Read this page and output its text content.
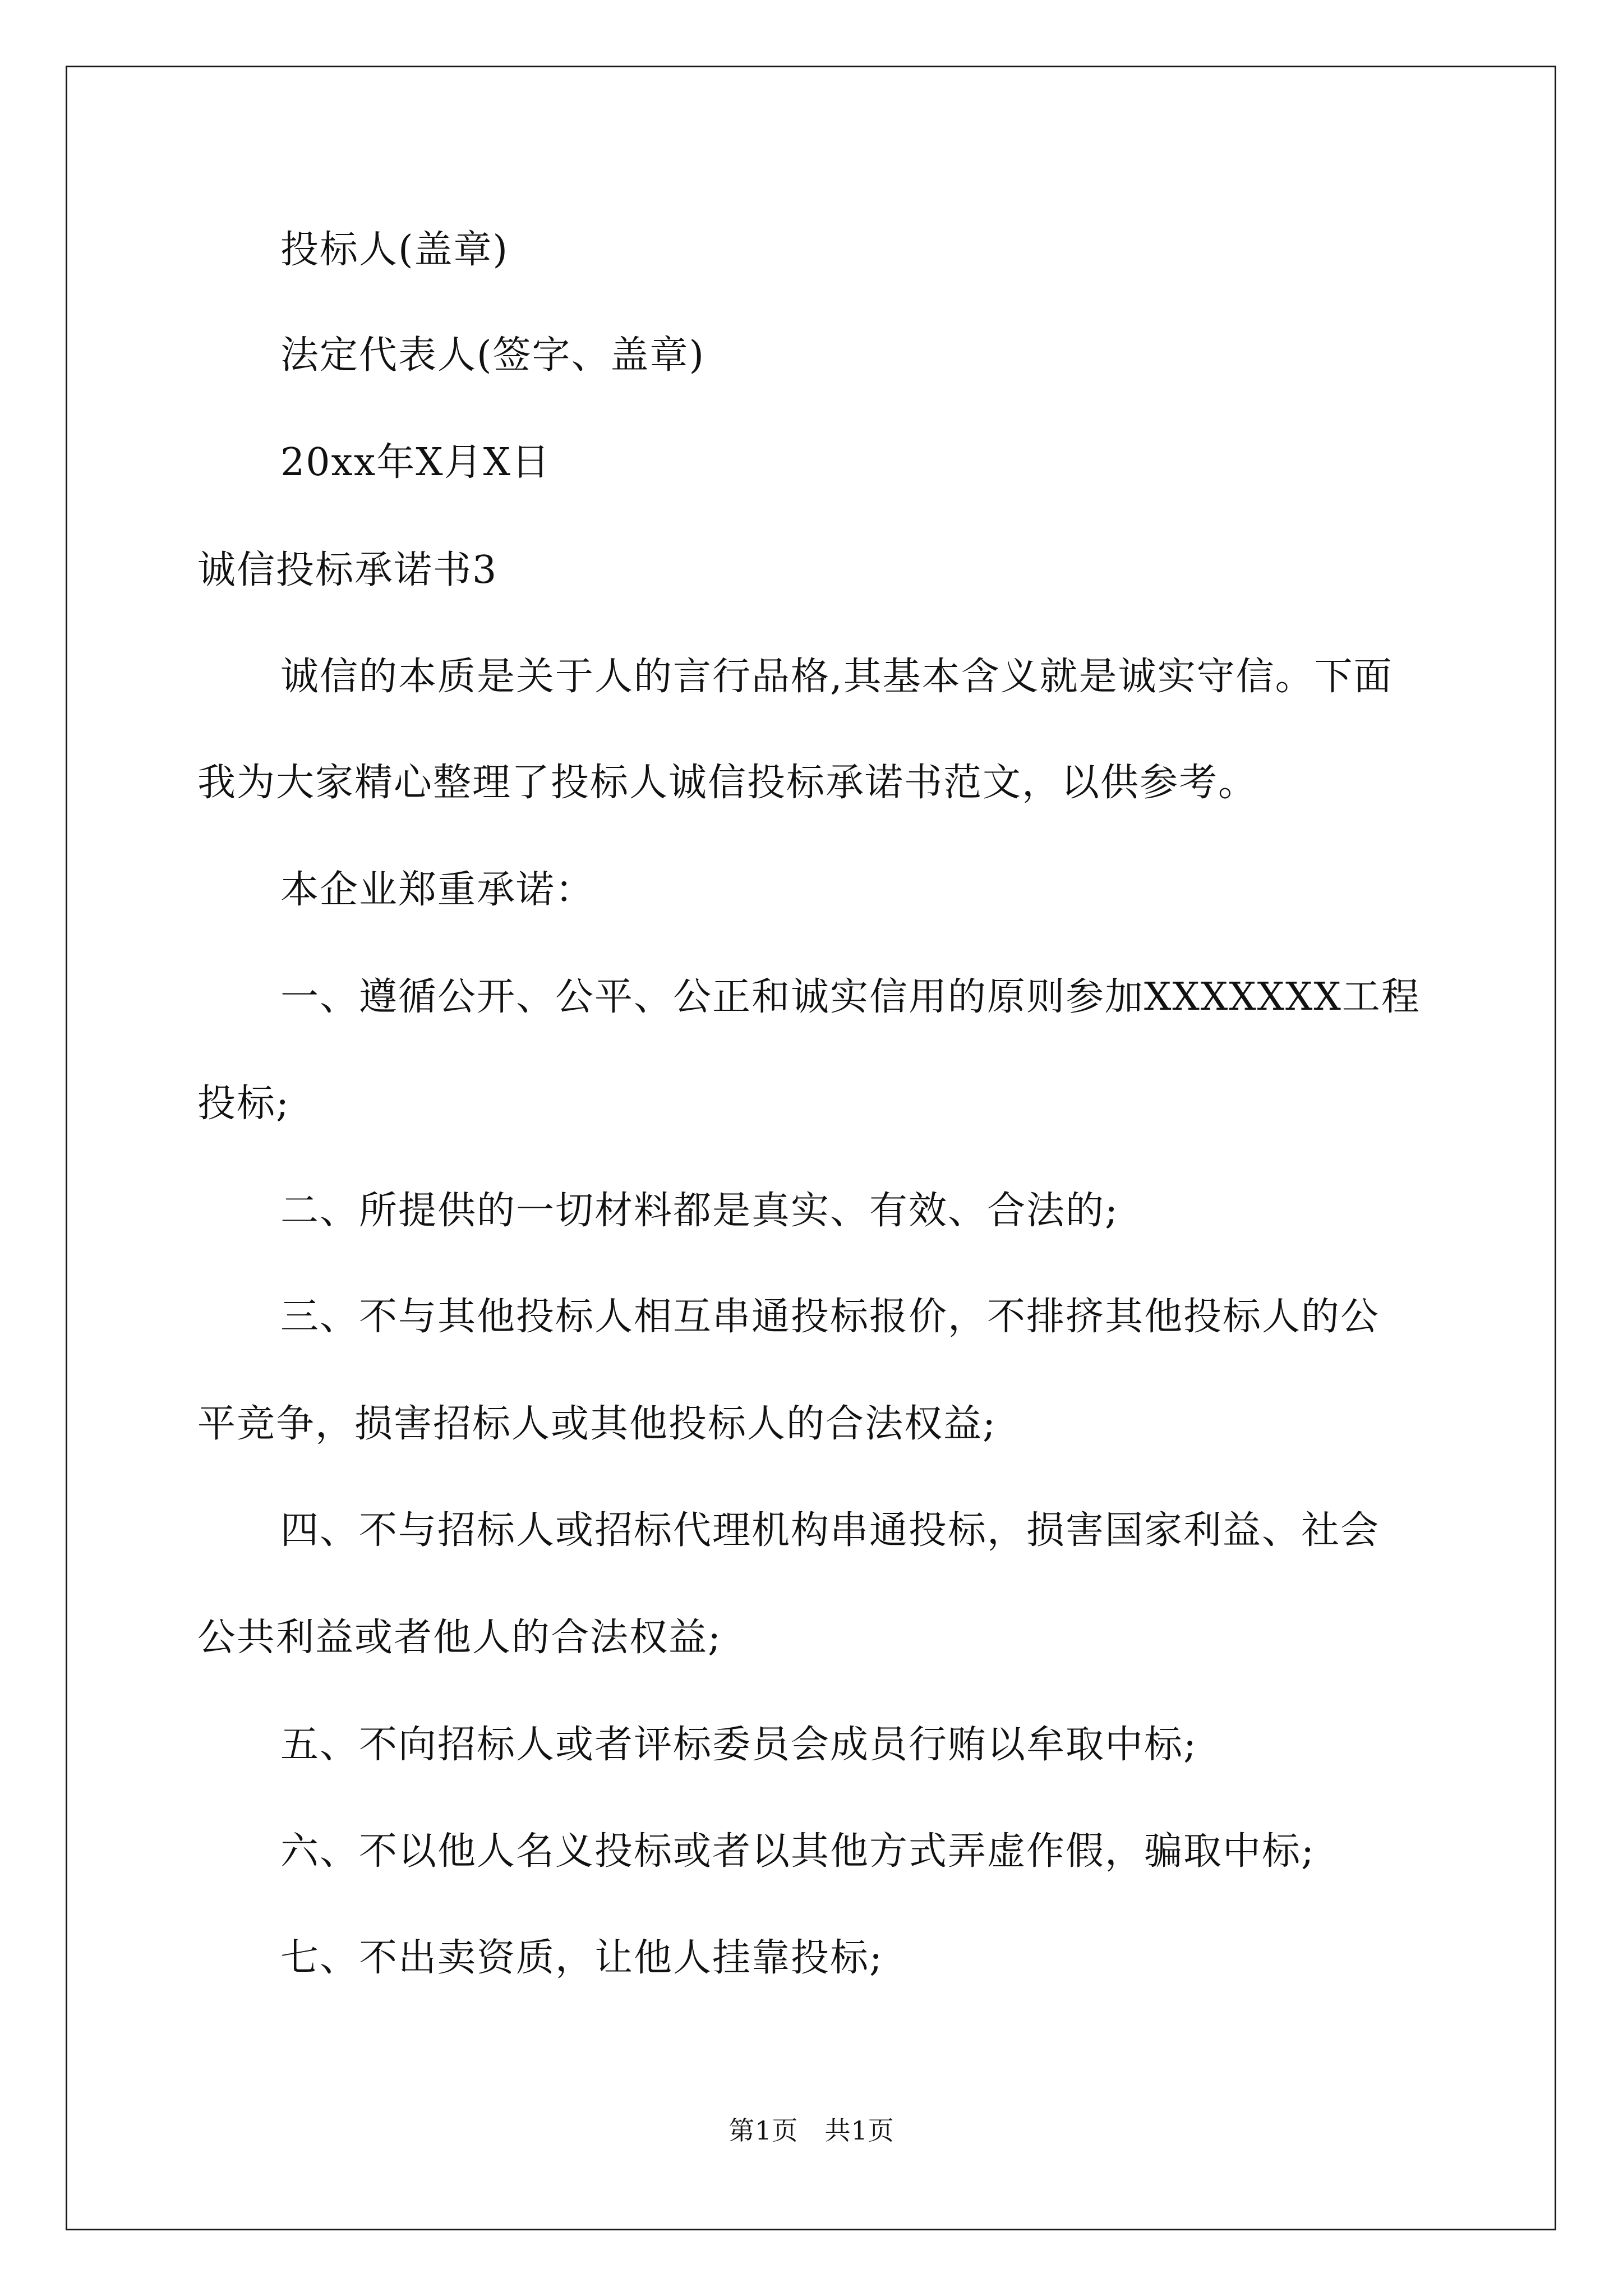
投标人(盖章)
法定代表人(签字、盖章)
20xx年X月X日
诚信投标承诺书3
诚信的本质是关于人的言行品格,其基本含义就是诚实守信。下面
我为大家精心整理了投标人诚信投标承诺书范文，以供参考。
本企业郑重承诺：
一、遵循公开、公平、公正和诚实信用的原则参加XXXXXXX工程
投标;
二、所提供的一切材料都是真实、有效、合法的;
三、不与其他投标人相互串通投标报价，不排挤其他投标人的公
平竞争，损害招标人或其他投标人的合法权益;
四、不与招标人或招标代理机构串通投标，损害国家利益、社会
公共利益或者他人的合法权益;
五、不向招标人或者评标委员会成员行贿以牟取中标;
六、不以他人名义投标或者以其他方式弄虚作假，骗取中标;
七、不出卖资质，让他人挂靠投标;
第1页　共1页
